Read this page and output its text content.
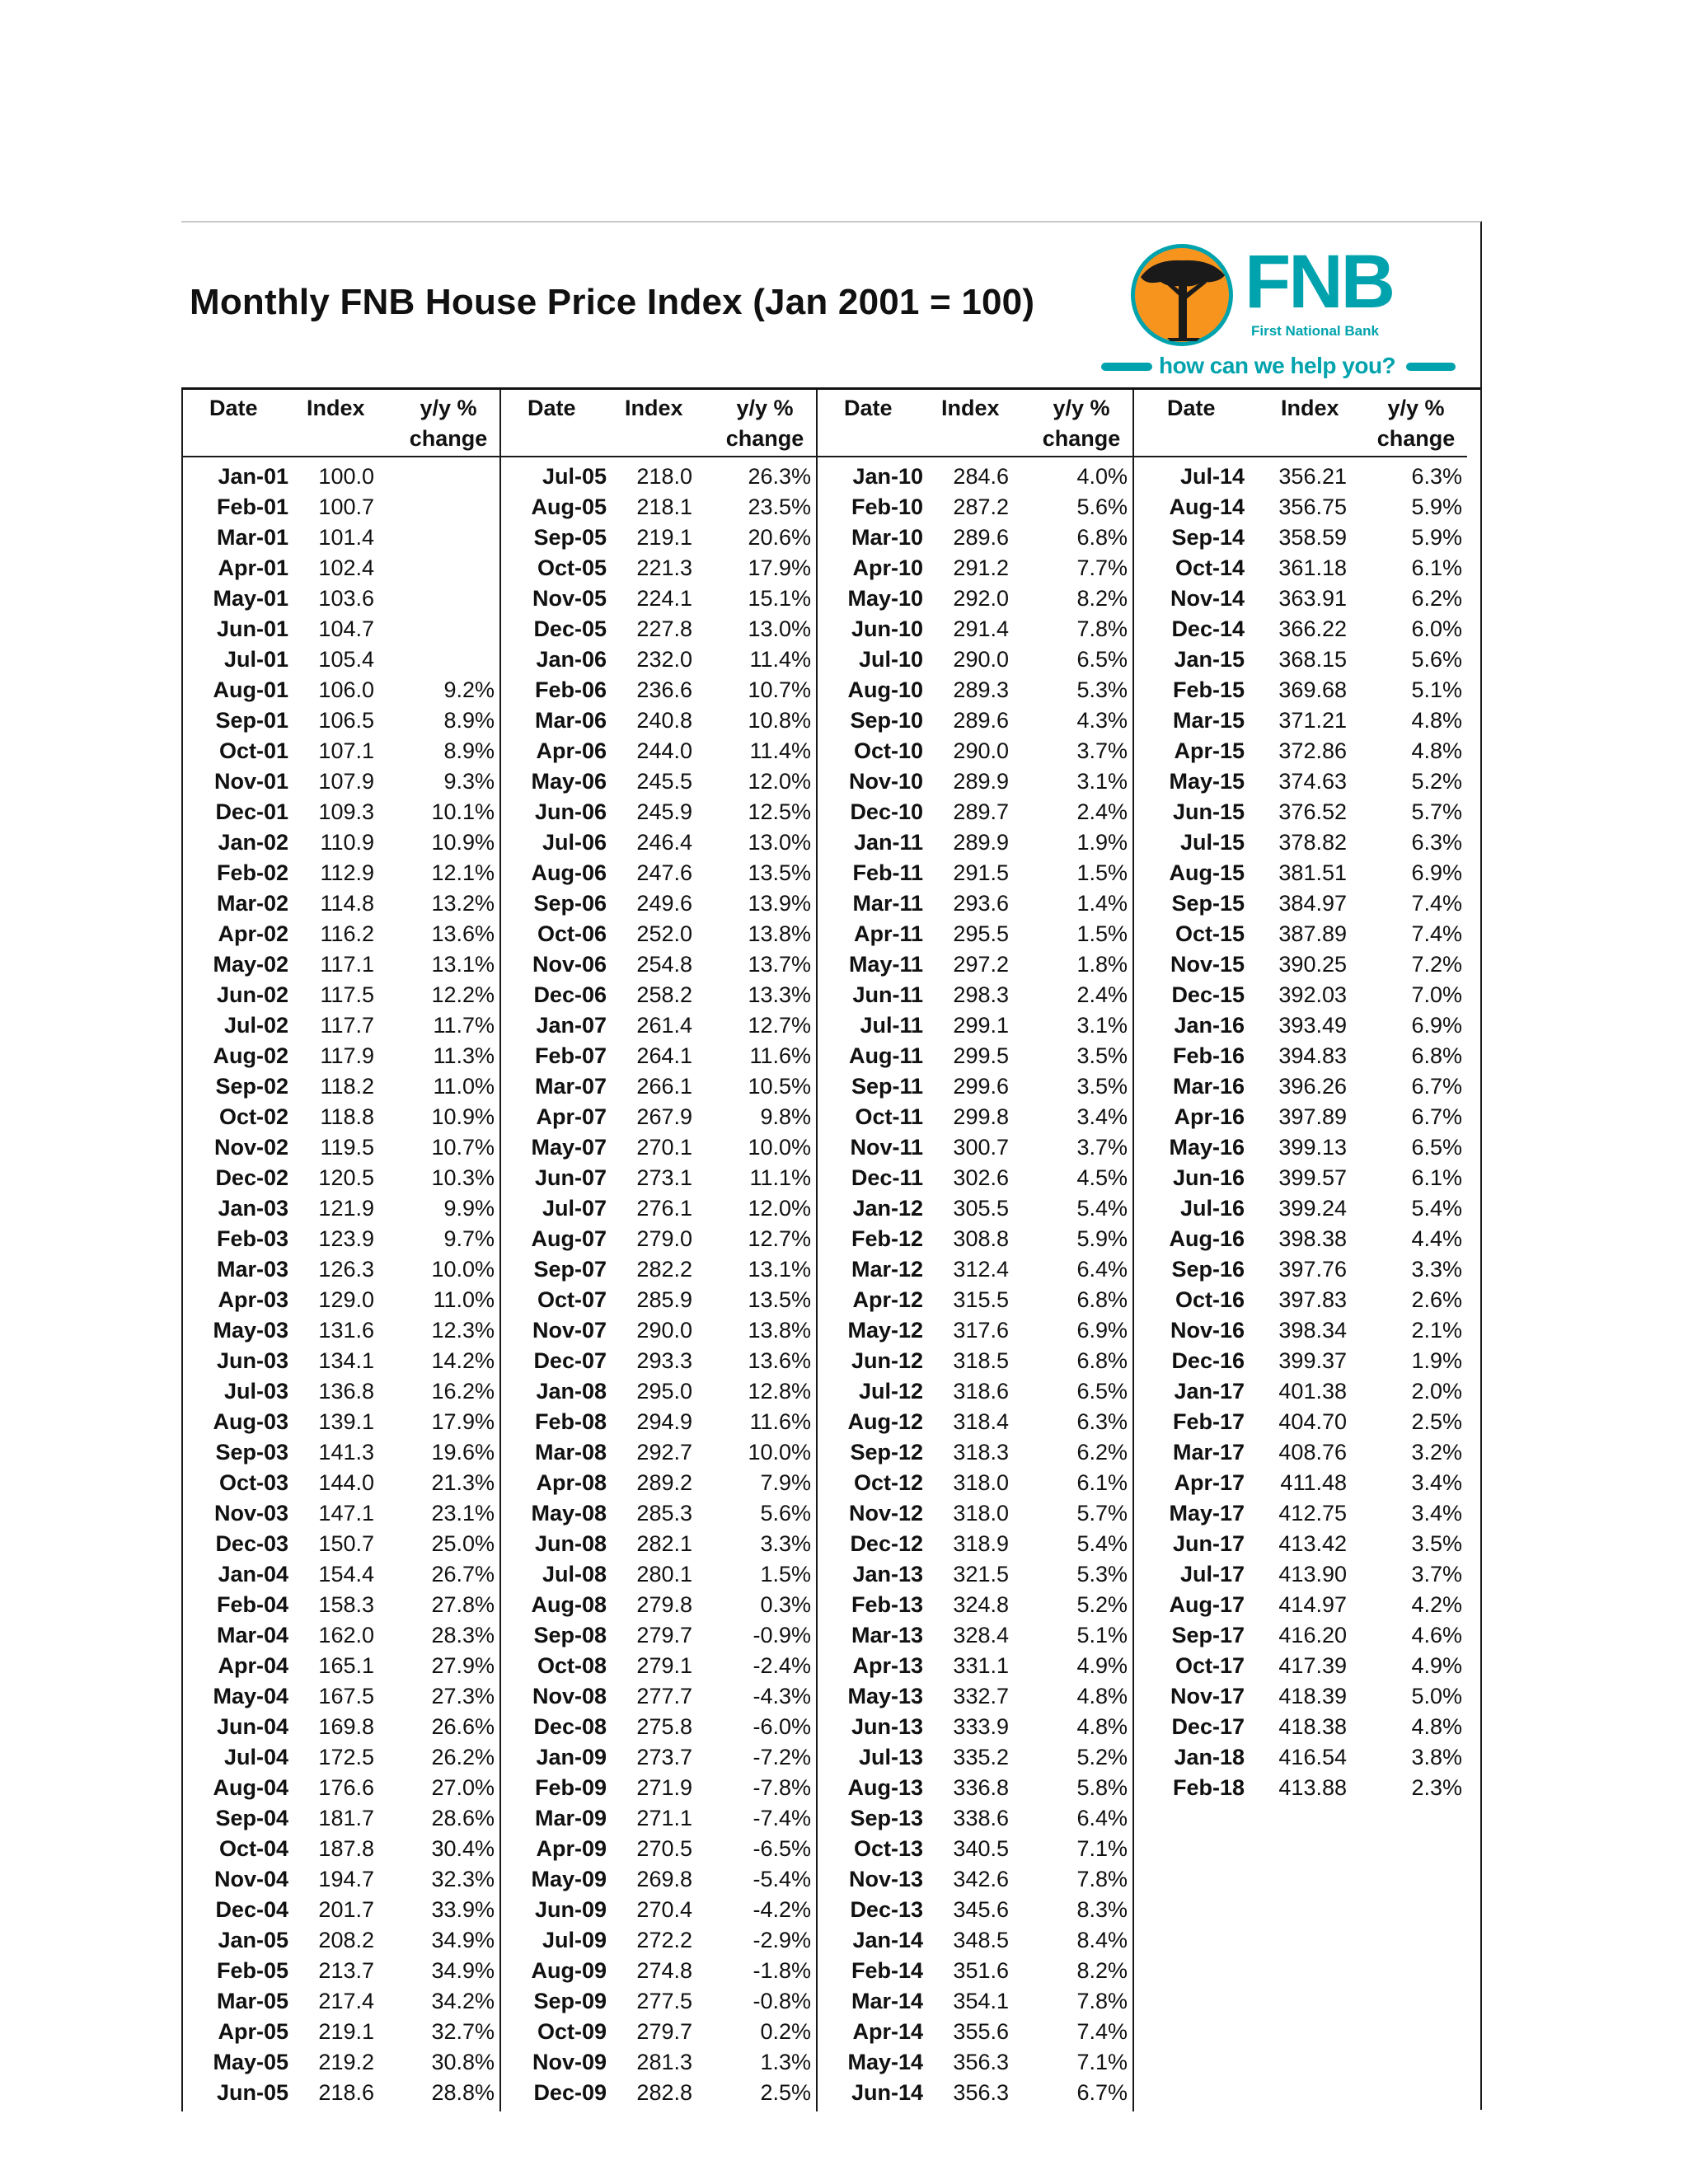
Monthly FNB House Price Index (Jan 2001 = 100)	FNB
First National Bank
how can we help you?
Date Index	y/y %
change
Jan-01	100.0
Feb-01	100.7
Mar-01	101.4
Apr-01	102.4
May-01	103.6
Jun-01	104.7
Jul-01	105.4
Aug-01	106.0	9.2%
Sep-01	106.5	8.9%
Oct-01	107.1	8.9%
Nov-01	107.9	9.3%
Dec-01	109.3	10.1%
Jan-02	110.9	10.9%
Feb-02	112.9	12.1%
Mar-02	114.8	13.2%
Apr-02	116.2	13.6%
May-02	117.1	13.1%
Jun-02	117.5	12.2%
Jul-02	117.7	11.7%
Aug-02	117.9	11.3%
Sep-02	118.2	11.0%
Oct-02	118.8	10.9%
Nov-02	119.5	10.7%
Dec-02	120.5	10.3%
Jan-03	121.9	9.9%
Feb-03	123.9	9.7%
Mar-03	126.3	10.0%
Apr-03	129.0	11.0%
May-03	131.6	12.3%
Jun-03	134.1	14.2%
Jul-03	136.8	16.2%
Aug-03	139.1	17.9%
Sep-03	141.3	19.6%
Oct-03	144.0	21.3%
Nov-03	147.1	23.1%
Dec-03	150.7	25.0%
Jan-04	154.4	26.7%
Feb-04	158.3	27.8%
Mar-04	162.0	28.3%
Apr-04	165.1	27.9%
May-04	167.5	27.3%
Jun-04	169.8	26.6%
Jul-04	172.5	26.2%
Aug-04	176.6	27.0%
Sep-04	181.7	28.6%
Oct-04	187.8	30.4%
Nov-04	194.7	32.3%
Dec-04	201.7	33.9%
Jan-05	208.2	34.9%
Feb-05	213.7	34.9%
Mar-05	217.4	34.2%
Apr-05	219.1	32.7%
May-05	219.2	30.8%
Jun-05	218.6	28.8%
Date Index	y/y %
change
Jul-05	218.0	26.3%
Aug-05	218.1	23.5%
Sep-05	219.1	20.6%
Oct-05	221.3	17.9%
Nov-05	224.1	15.1%
Dec-05	227.8	13.0%
Jan-06	232.0	11.4%
Feb-06	236.6	10.7%
Mar-06	240.8	10.8%
Apr-06	244.0	11.4%
May-06	245.5	12.0%
Jun-06	245.9	12.5%
Jul-06	246.4	13.0%
Aug-06	247.6	13.5%
Sep-06	249.6	13.9%
Oct-06	252.0	13.8%
Nov-06	254.8	13.7%
Dec-06	258.2	13.3%
Jan-07	261.4	12.7%
Feb-07	264.1	11.6%
Mar-07	266.1	10.5%
Apr-07	267.9	9.8%
May-07	270.1	10.0%
Jun-07	273.1	11.1%
Jul-07	276.1	12.0%
Aug-07	279.0	12.7%
Sep-07	282.2	13.1%
Oct-07	285.9	13.5%
Nov-07	290.0	13.8%
Dec-07	293.3	13.6%
Jan-08	295.0	12.8%
Feb-08	294.9	11.6%
Mar-08	292.7	10.0%
Apr-08	289.2	7.9%
May-08	285.3	5.6%
Jun-08	282.1	3.3%
Jul-08	280.1	1.5%
Aug-08	279.8	0.3%
Sep-08	279.7	-0.9%
Oct-08	279.1	-2.4%
Nov-08	277.7	-4.3%
Dec-08	275.8	-6.0%
Jan-09	273.7	-7.2%
Feb-09	271.9	-7.8%
Mar-09	271.1	-7.4%
Apr-09	270.5	-6.5%
May-09	269.8	-5.4%
Jun-09	270.4	-4.2%
Jul-09	272.2	-2.9%
Aug-09	274.8	-1.8%
Sep-09	277.5	-0.8%
Oct-09	279.7	0.2%
Nov-09	281.3	1.3%
Dec-09	282.8	2.5%
Date Index	y/y %
change
Jan-10	284.6	4.0%
Feb-10	287.2	5.6%
Mar-10	289.6	6.8%
Apr-10	291.2	7.7%
May-10	292.0	8.2%
Jun-10	291.4	7.8%
Jul-10	290.0	6.5%
Aug-10	289.3	5.3%
Sep-10	289.6	4.3%
Oct-10	290.0	3.7%
Nov-10	289.9	3.1%
Dec-10	289.7	2.4%
Jan-11	289.9	1.9%
Feb-11	291.5	1.5%
Mar-11	293.6	1.4%
Apr-11	295.5	1.5%
May-11	297.2	1.8%
Jun-11	298.3	2.4%
Jul-11	299.1	3.1%
Aug-11	299.5	3.5%
Sep-11	299.6	3.5%
Oct-11	299.8	3.4%
Nov-11	300.7	3.7%
Dec-11	302.6	4.5%
Jan-12	305.5	5.4%
Feb-12	308.8	5.9%
Mar-12	312.4	6.4%
Apr-12	315.5	6.8%
May-12	317.6	6.9%
Jun-12	318.5	6.8%
Jul-12	318.6	6.5%
Aug-12	318.4	6.3%
Sep-12	318.3	6.2%
Oct-12	318.0	6.1%
Nov-12	318.0	5.7%
Dec-12	318.9	5.4%
Jan-13	321.5	5.3%
Feb-13	324.8	5.2%
Mar-13	328.4	5.1%
Apr-13	331.1	4.9%
May-13	332.7	4.8%
Jun-13	333.9	4.8%
Jul-13	335.2	5.2%
Aug-13	336.8	5.8%
Sep-13	338.6	6.4%
Oct-13	340.5	7.1%
Nov-13	342.6	7.8%
Dec-13	345.6	8.3%
Jan-14	348.5	8.4%
Feb-14	351.6	8.2%
Mar-14	354.1	7.8%
Apr-14	355.6	7.4%
May-14	356.3	7.1%
Jun-14	356.3	6.7%
Date	Index	y/y %
change
Jul-14	356.21	6.3%
Aug-14	356.75	5.9%
Sep-14	358.59	5.9%
Oct-14	361.18	6.1%
Nov-14	363.91	6.2%
Dec-14	366.22	6.0%
Jan-15	368.15	5.6%
Feb-15	369.68	5.1%
Mar-15	371.21	4.8%
Apr-15	372.86	4.8%
May-15	374.63	5.2%
Jun-15	376.52	5.7%
Jul-15	378.82	6.3%
Aug-15	381.51	6.9%
Sep-15	384.97	7.4%
Oct-15	387.89	7.4%
Nov-15	390.25	7.2%
Dec-15	392.03	7.0%
Jan-16	393.49	6.9%
Feb-16	394.83	6.8%
Mar-16	396.26	6.7%
Apr-16	397.89	6.7%
May-16	399.13	6.5%
Jun-16	399.57	6.1%
Jul-16	399.24	5.4%
Aug-16	398.38	4.4%
Sep-16	397.76	3.3%
Oct-16	397.83	2.6%
Nov-16	398.34	2.1%
Dec-16	399.37	1.9%
Jan-17	401.38	2.0%
Feb-17	404.70	2.5%
Mar-17	408.76	3.2%
Apr-17	411.48	3.4%
May-17	412.75	3.4%
Jun-17	413.42	3.5%
Jul-17	413.90	3.7%
Aug-17	414.97	4.2%
Sep-17	416.20	4.6%
Oct-17	417.39	4.9%
Nov-17	418.39	5.0%
Dec-17	418.38	4.8%
Jan-18	416.54	3.8%
Feb-18	413.88	2.3%
